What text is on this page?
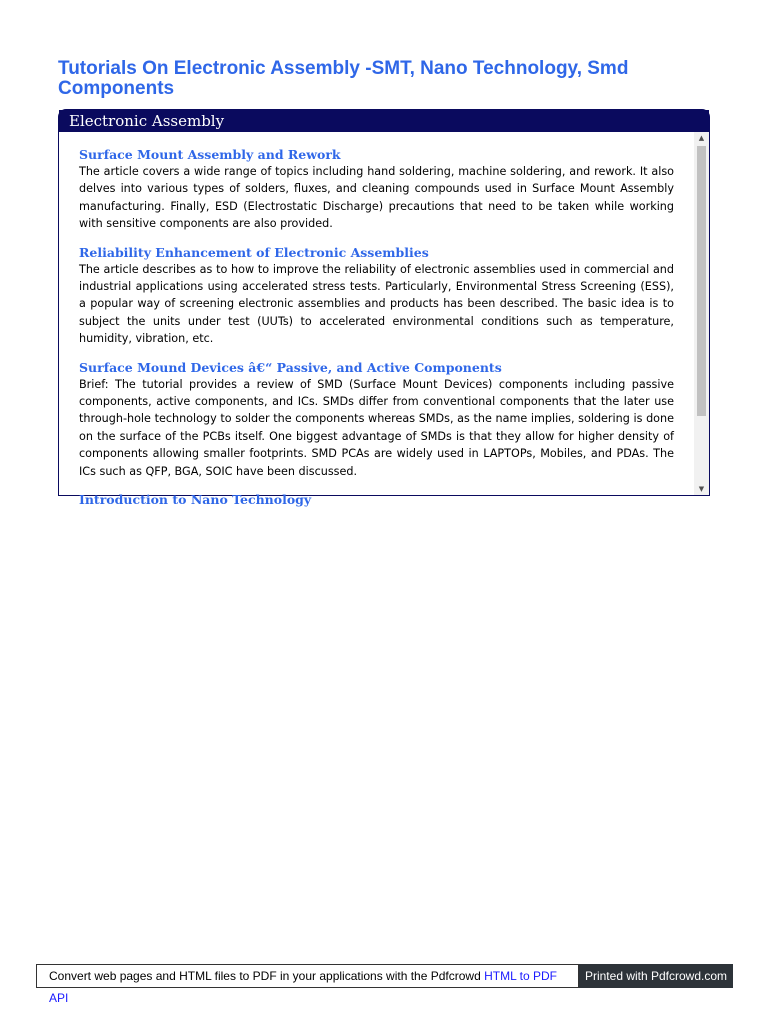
Tutorials On Electronic Assembly -SMT, Nano Technology, Smd Components
Electronic Assembly
Surface Mount Assembly and Rework

The article covers a wide range of topics including hand soldering, machine soldering, and rework. It also delves into various types of solders, fluxes, and cleaning compounds used in Surface Mount Assembly manufacturing. Finally, ESD (Electrostatic Discharge) precautions that need to be taken while working with sensitive components are also provided.

Reliability Enhancement of Electronic Assemblies

The article describes as to how to improve the reliability of electronic assemblies used in commercial and industrial applications using accelerated stress tests. Particularly, Environmental Stress Screening (ESS), a popular way of screening electronic assemblies and products has been described. The basic idea is to subject the units under test (UUTs) to accelerated environmental conditions such as temperature, humidity, vibration, etc.

Surface Mound Devices â€“ Passive, and Active Components

Brief: The tutorial provides a review of SMD (Surface Mount Devices) components including passive components, active components, and ICs. SMDs differ from conventional components that the later use through-hole technology to solder the components whereas SMDs, as the name implies, soldering is done on the surface of the PCBs itself. One biggest advantage of SMDs is that they allow for higher density of components allowing smaller footprints. SMD PCAs are widely used in LAPTOPs, Mobiles, and PDAs. The ICs such as QFP, BGA, SOIC have been discussed.

Introduction to Nano Technology
▲
▼
Convert web pages and HTML files to PDF in your applications with the Pdfcrowd HTML to PDF API
Printed with Pdfcrowd.com
